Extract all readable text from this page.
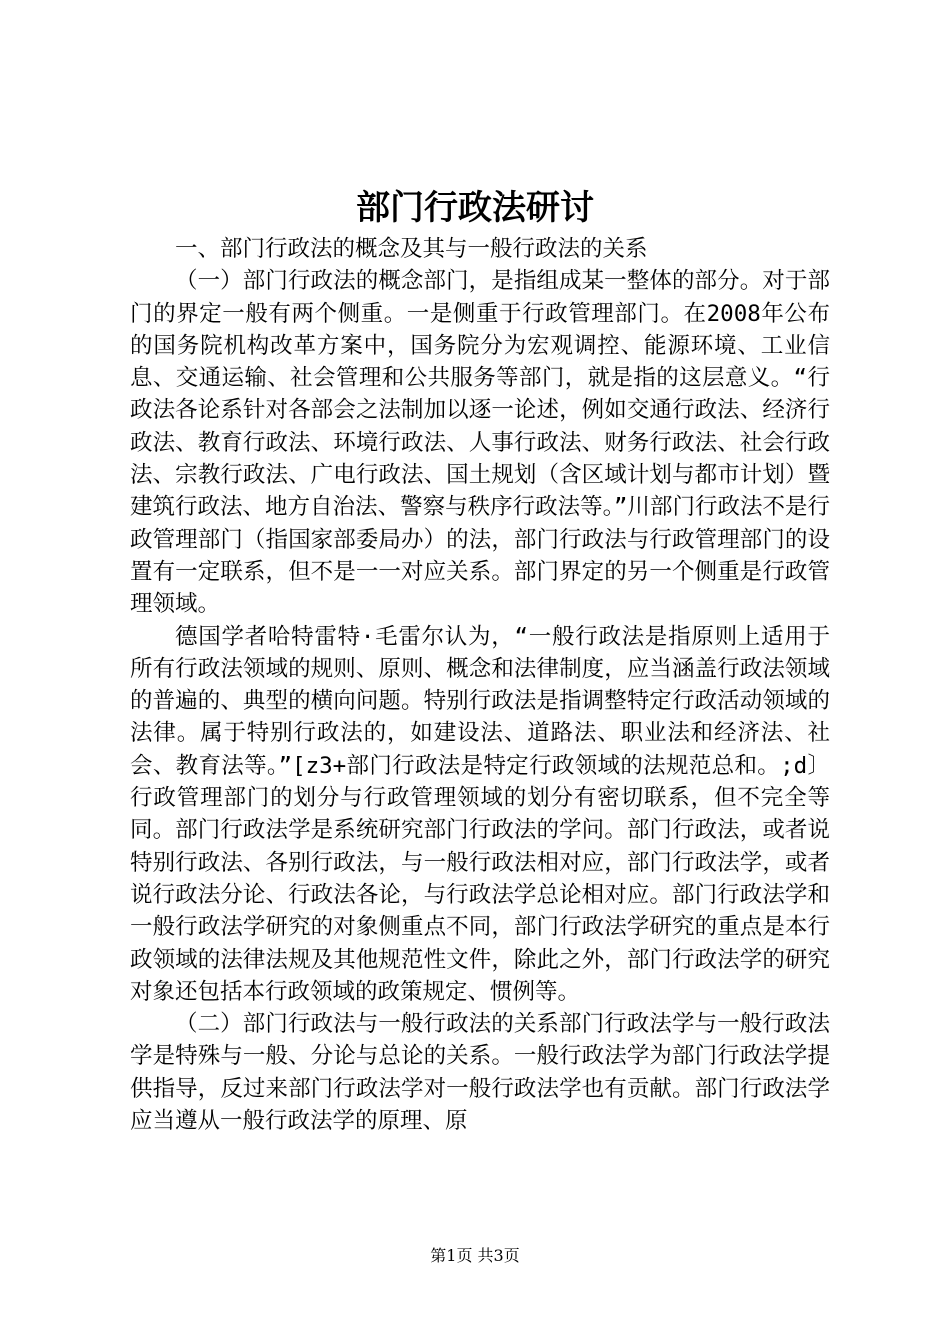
部门行政法研讨

一、部门行政法的概念及其与一般行政法的关系

（一）部门行政法的概念部门，是指组成某一整体的部分。对于部门的界定一般有两个侧重。一是侧重于行政管理部门。在2008年公布的国务院机构改革方案中，国务院分为宏观调控、能源环境、工业信息、交通运输、社会管理和公共服务等部门，就是指的这层意义。“行政法各论系针对各部会之法制加以逐一论述，例如交通行政法、经济行政法、教育行政法、环境行政法、人事行政法、财务行政法、社会行政法、宗教行政法、广电行政法、国土规划（含区域计划与都市计划）暨建筑行政法、地方自治法、警察与秩序行政法等。”川部门行政法不是行政管理部门（指国家部委局办）的法，部门行政法与行政管理部门的设置有一定联系，但不是一一对应关系。部门界定的另一个侧重是行政管理领域。

德国学者哈特雷特·毛雷尔认为，“一般行政法是指原则上适用于所有行政法领域的规则、原则、概念和法律制度，应当涵盖行政法领域的普遍的、典型的横向问题。特别行政法是指调整特定行政活动领域的法律。属于特别行政法的，如建设法、道路法、职业法和经济法、社会、教育法等。”[z3+部门行政法是特定行政领域的法规范总和。;d〕行政管理部门的划分与行政管理领域的划分有密切联系，但不完全等同。部门行政法学是系统研究部门行政法的学问。部门行政法，或者说特别行政法、各别行政法，与一般行政法相对应，部门行政法学，或者说行政法分论、行政法各论，与行政法学总论相对应。部门行政法学和一般行政法学研究的对象侧重点不同，部门行政法学研究的重点是本行政领域的法律法规及其他规范性文件，除此之外，部门行政法学的研究对象还包括本行政领域的政策规定、惯例等。

（二）部门行政法与一般行政法的关系部门行政法学与一般行政法学是特殊与一般、分论与总论的关系。一般行政法学为部门行政法学提供指导，反过来部门行政法学对一般行政法学也有贡献。部门行政法学应当遵从一般行政法学的原理、原

第1页 共3页
